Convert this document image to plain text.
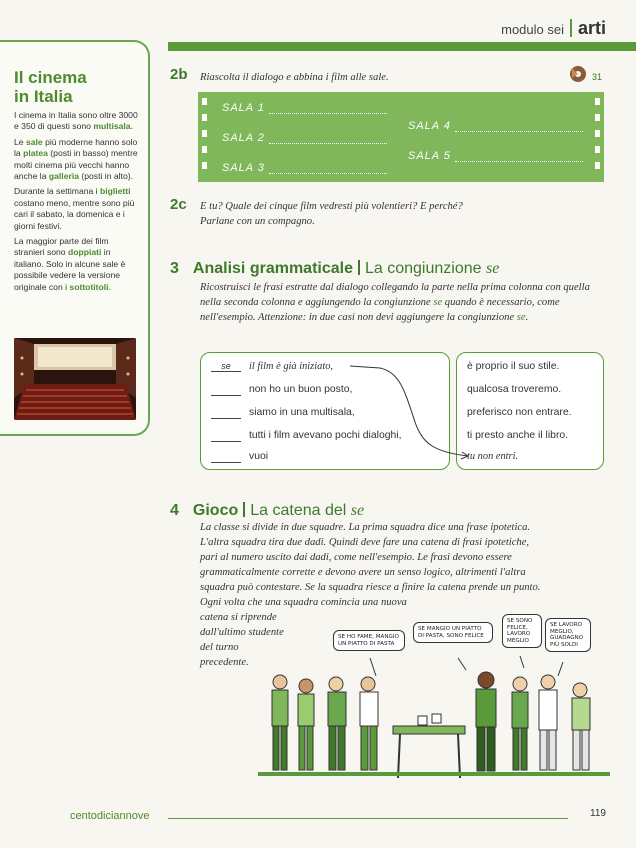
modulo sei arti
Il cinema
in Italia

I cinema in Italia sono oltre 3000 e 350 di questi sono multisala.

Le sale più moderne hanno solo la platea (posti in basso) mentre molti cinema più vecchi hanno anche la galleria (posti in alto).

Durante la settimana i biglietti costano meno, mentre sono più cari il sabato, la domenica e i giorni festivi.

La maggior parte dei film stranieri sono doppiati in italiano. Solo in alcune sale è possibile vedere la versione originale con i sottotitoli.

2b Riascolta il dialogo e abbina i film alle sale.	31
SALA 1
SALA 2
SALA 3
SALA 4
SALA 5
2c E tu? Quale dei cinque film vedresti più volentieri? E perché?
Parlane con un compagno.
3 Analisi grammaticale La congiunzione se
Ricostruisci le frasi estratte dal dialogo collegando la parte nella prima colonna con quella nella seconda colonna e aggiungendo la congiunzione se quando è necessario, come nell'esempio. Attenzione: in due casi non devi aggiungere la congiunzione se.
se il film è già iniziato,
non ho un buon posto,
siamo in una multisala,
tutti i film avevano pochi dialoghi,
vuoi
è proprio il suo stile.
qualcosa troveremo.
preferisco non entrare.
ti presto anche il libro.
tu non entri.
4 Gioco La catena del se
La classe si divide in due squadre. La prima squadra dice una frase ipotetica.
L'altra squadra tira due dadi. Quindi deve fare una catena di frasi ipotetiche,
pari al numero uscito dai dadi, come nell'esempio. Le frasi devono essere
grammaticalmente corrette e devono avere un senso logico, altrimenti l'altra
squadra può contestare. Se la squadra riesce a finire la catena prende un punto.
Ogni volta che una squadra comincia una nuova
catena si riprende
dall'ultimo studente
del turno
precedente.
SE HO FAME, MANGIO UN PIATTO DI PASTA
SE MANGIO UN PIATTO DI PASTA, SONO FELICE
SE SONO FELICE, LAVORO MEGLIO
SE LAVORO MEGLIO, GUADAGNO PIÙ SOLDI
centodiciannove	119
